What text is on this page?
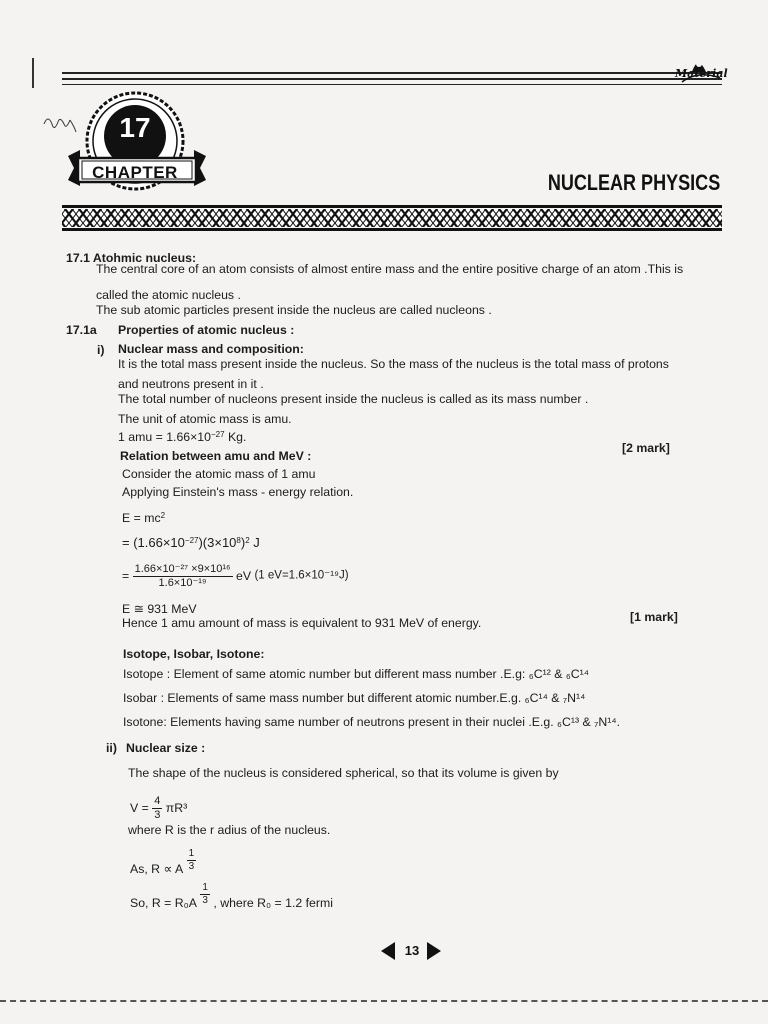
Material
17
CHAPTER	NUCLEAR PHYSICS
17.1 Atohmic nucleus:
The central core of an atom consists of almost entire mass and the entire positive charge of an atom .This is
called the atomic nucleus .
The sub atomic particles present inside the nucleus are called nucleons .
17.1a Properties of atomic nucleus :
i) Nuclear mass and composition:
It is the total mass present inside the nucleus. So the mass of the nucleus is the total mass of protons
and neutrons present in it .
The total number of nucleons present inside the nucleus is called as its mass number .
The unit of atomic mass is amu.
1 amu = $1.66\times 10^{-27}$ Kg.
Relation between amu and MeV :
[2 mark]
Consider the atomic mass of 1 amu
Applying Einstein's mass - energy relation.
$E = mc^2$
= $(1.66\times 10^{-27})(3\times 10^8)^2$ J
= $\frac{\text{1.66×10⁻²⁷ ×9×10¹⁶}}{\text{1.6×10⁻¹⁹}}$ eV (1 eV=1.6×10⁻¹⁹J)
E ≅ 931 MeV
Hence 1 amu amount of mass is equivalent to 931 MeV of energy.	[1 mark]
Isotope, Isobar, Isotone:
Isotope : Element of same atomic number but different mass number .E.g: ₆C¹² & ₆C¹⁴
Isobar : Elements of same mass number but different atomic number.E.g. ₆C¹⁴ & ₇N¹⁴
Isotone: Elements having same number of neutrons present in their nuclei .E.g. ₆C¹³ & ₇N¹⁴.
ii) Nuclear size :
The shape of the nucleus is considered spherical, so that its volume is given by
$V = \frac{4}{3} \pi R^3$
where R is the r adius of the nucleus.
As, R ∝ A $\frac{1}{3}$
So, $R = R_0A \frac{1}{3}$ , where R₀ = 1.2 fermi
13
